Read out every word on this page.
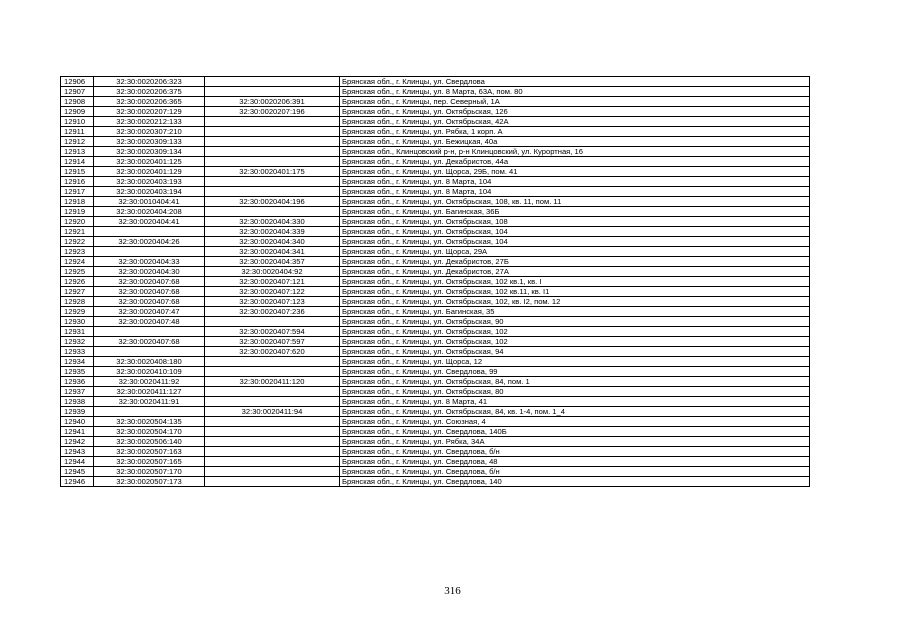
12906	32:30:0020206:323		Брянская обл., г. Клинцы, ул. Свердлова
12907	32:30:0020206:375		Брянская обл., г. Клинцы, ул. 8 Марта, 63А, пом. 80
12908	32:30:0020206:365	32:30:0020206:391	Брянская обл., г. Клинцы, пер. Северный, 1А
12909	32:30:0020207:129	32:30:0020207:196	Брянская обл., г. Клинцы, ул. Октябрьская, 126
12910	32:30:0020212:133		Брянская обл., г. Клинцы, ул. Октябрьская, 42А
12911	32:30:0020307:210		Брянская обл., г. Клинцы, ул. Рябка, 1 корп. А
12912	32:30:0020309:133		Брянская обл., г. Клинцы, ул. Бежицкая, 40а
12913	32:30:0020309:134		Брянская обл., Клинцовский р-н, р-н Клинцовский, ул. Курортная, 16
12914	32:30:0020401:125		Брянская обл., г. Клинцы, ул. Декабристов, 44а
12915	32:30:0020401:129	32:30:0020401:175	Брянская обл., г. Клинцы, ул. Щорса, 29Б, пом. 41
12916	32:30:0020403:193		Брянская обл., г. Клинцы, ул. 8 Марта, 104
12917	32:30:0020403:194		Брянская обл., г. Клинцы, ул. 8 Марта, 104
12918	32:30:0010404:41	32:30:0020404:196	Брянская обл., г. Клинцы, ул. Октябрьская, 108, кв. 11, пом. 11
12919	32:30:0020404:208		Брянская обл., г. Клинцы, ул. Багинская, 36Б
12920	32:30:0020404:41	32:30:0020404:330	Брянская обл., г. Клинцы, ул. Октябрьская, 108
12921		32:30:0020404:339	Брянская обл., г. Клинцы, ул. Октябрьская, 104
12922	32:30:0020404:26	32:30:0020404:340	Брянская обл., г. Клинцы, ул. Октябрьская, 104
12923		32:30:0020404:341	Брянская обл., г. Клинцы, ул. Щорса, 29А
12924	32:30:0020404:33	32:30:0020404:357	Брянская обл., г. Клинцы, ул. Декабристов, 27Б
12925	32:30:0020404:30	32:30:0020404:92	Брянская обл., г. Клинцы, ул. Декабристов, 27А
12926	32:30:0020407:68	32:30:0020407:121	Брянская обл., г. Клинцы, ул. Октябрьская, 102 кв.1, кв. I
12927	32:30:0020407:68	32:30:0020407:122	Брянская обл., г. Клинцы, ул. Октябрьская, 102 кв.11, кв. I1
12928	32:30:0020407:68	32:30:0020407:123	Брянская обл., г. Клинцы, ул. Октябрьская, 102, кв. I2, пом. 12
12929	32:30:0020407:47	32:30:0020407:236	Брянская обл., г. Клинцы, ул. Багинская, 35
12930	32:30:0020407:48		Брянская обл., г. Клинцы, ул. Октябрьская, 90
12931		32:30:0020407:594	Брянская обл., г. Клинцы, ул. Октябрьская, 102
12932	32:30:0020407:68	32:30:0020407:597	Брянская обл., г. Клинцы, ул. Октябрьская, 102
12933		32:30:0020407:620	Брянская обл., г. Клинцы, ул. Октябрьская, 94
12934	32:30:0020408:180		Брянская обл., г. Клинцы, ул. Щорса, 12
12935	32:30:0020410:109		Брянская обл., г. Клинцы, ул. Свердлова, 99
12936	32:30:0020411:92	32:30:0020411:120	Брянская обл., г. Клинцы, ул. Октябрьская, 84, пом. 1
12937	32:30:0020411:127		Брянская обл., г. Клинцы, ул. Октябрьская, 80
12938	32:30:0020411:91		Брянская обл., г. Клинцы, ул. 8 Марта, 41
12939		32:30:0020411:94	Брянская обл., г. Клинцы, ул. Октябрьская, 84, кв. 1-4, пом. 1_4
12940	32:30:0020504:135		Брянская обл., г. Клинцы, ул. Союзная, 4
12941	32:30:0020504:170		Брянская обл., г. Клинцы, ул. Свердлова, 140Б
12942	32:30:0020506:140		Брянская обл., г. Клинцы, ул. Рябка, 34А
12943	32:30:0020507:163		Брянская обл., г. Клинцы, ул. Свердлова, б/н
12944	32:30:0020507:165		Брянская обл., г. Клинцы, ул. Свердлова, 48
12945	32:30:0020507:170		Брянская обл., г. Клинцы, ул. Свердлова, б/н
12946	32:30:0020507:173		Брянская обл., г. Клинцы, ул. Свердлова, 140
316
